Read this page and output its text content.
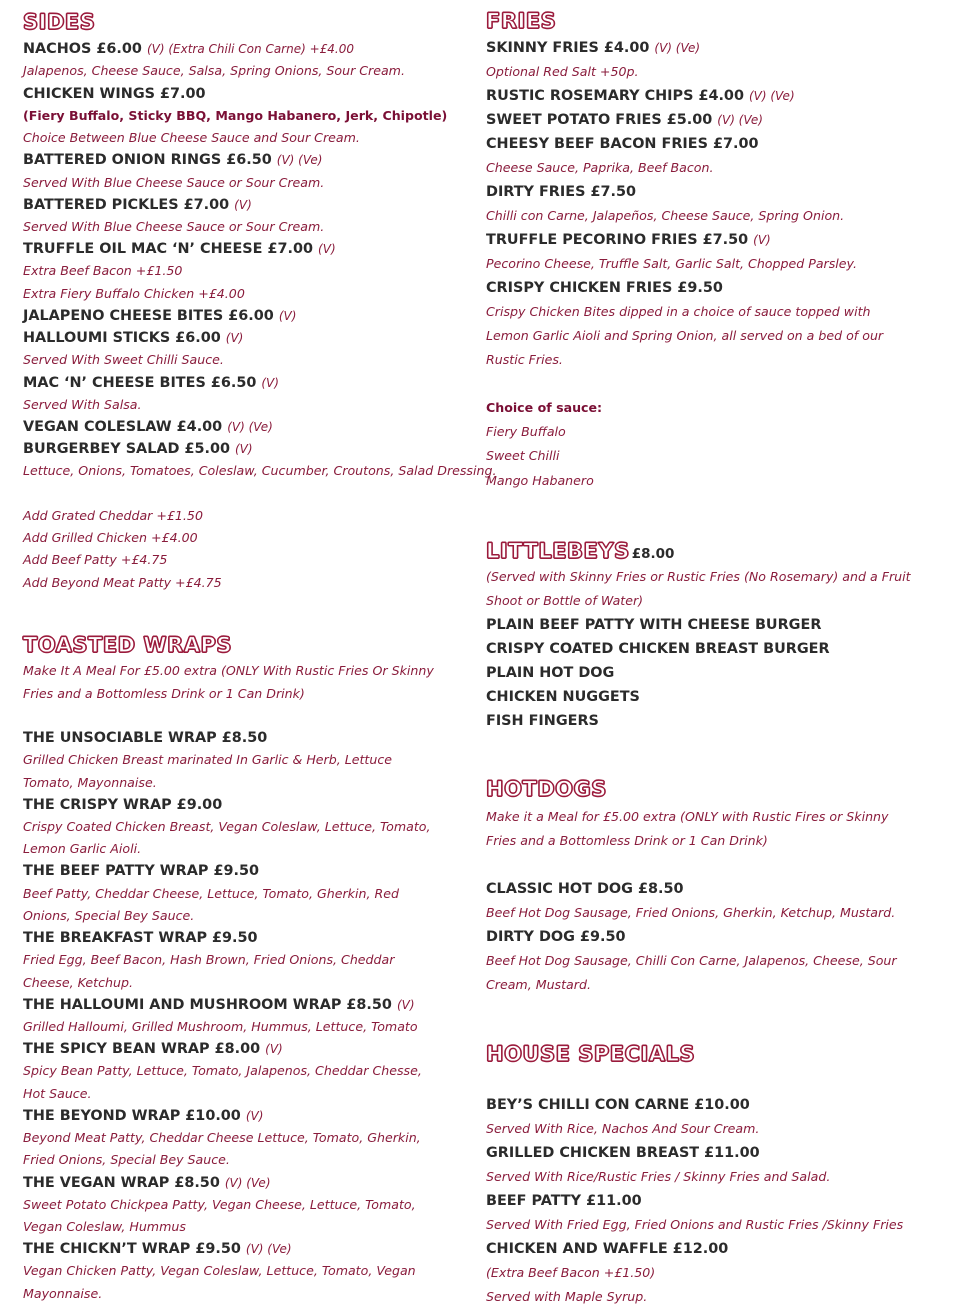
SIDES
NACHOS £6.00 (V) (Extra Chili Con Carne) +£4.00
Jalapenos, Cheese Sauce, Salsa, Spring Onions, Sour Cream.
CHICKEN WINGS £7.00
(Fiery Buffalo, Sticky BBQ, Mango Habanero, Jerk, Chipotle)
Choice Between Blue Cheese Sauce and Sour Cream.
BATTERED ONION RINGS £6.50 (V) (Ve)
Served With Blue Cheese Sauce or Sour Cream.
BATTERED PICKLES £7.00 (V)
Served With Blue Cheese Sauce or Sour Cream.
TRUFFLE OIL MAC ‘N’ CHEESE £7.00 (V)
Extra Beef Bacon +£1.50
Extra Fiery Buffalo Chicken +£4.00
JALAPENO CHEESE BITES £6.00 (V)
HALLOUMI STICKS £6.00 (V)
Served With Sweet Chilli Sauce.
MAC ‘N’ CHEESE BITES £6.50 (V)
Served With Salsa.
VEGAN COLESLAW £4.00 (V) (Ve)
BURGERBEY SALAD £5.00 (V)
Lettuce, Onions, Tomatoes, Coleslaw, Cucumber, Croutons, Salad Dressing.
Add Grated Cheddar +£1.50
Add Grilled Chicken +£4.00
Add Beef Patty +£4.75
Add Beyond Meat Patty +£4.75
TOASTED WRAPS
Make It A Meal For £5.00 extra (ONLY With Rustic Fries Or Skinny
Fries and a Bottomless Drink or 1 Can Drink)
THE UNSOCIABLE WRAP £8.50
Grilled Chicken Breast marinated In Garlic & Herb, Lettuce
Tomato, Mayonnaise.
THE CRISPY WRAP £9.00
Crispy Coated Chicken Breast, Vegan Coleslaw, Lettuce, Tomato,
Lemon Garlic Aioli.
THE BEEF PATTY WRAP £9.50
Beef Patty, Cheddar Cheese, Lettuce, Tomato, Gherkin, Red
Onions, Special Bey Sauce.
THE BREAKFAST WRAP £9.50
Fried Egg, Beef Bacon, Hash Brown, Fried Onions, Cheddar
Cheese, Ketchup.
THE HALLOUMI AND MUSHROOM WRAP £8.50 (V)
Grilled Halloumi, Grilled Mushroom, Hummus, Lettuce, Tomato
THE SPICY BEAN WRAP £8.00 (V)
Spicy Bean Patty, Lettuce, Tomato, Jalapenos, Cheddar Chesse,
Hot Sauce.
THE BEYOND WRAP £10.00 (V)
Beyond Meat Patty, Cheddar Cheese Lettuce, Tomato, Gherkin,
Fried Onions, Special Bey Sauce.
THE VEGAN WRAP £8.50 (V) (Ve)
Sweet Potato Chickpea Patty, Vegan Cheese, Lettuce, Tomato,
Vegan Coleslaw, Hummus
THE CHICKN’T WRAP £9.50 (V) (Ve)
Vegan Chicken Patty, Vegan Coleslaw, Lettuce, Tomato, Vegan
Mayonnaise.
FRIES
SKINNY FRIES £4.00 (V) (Ve)
Optional Red Salt +50p.
RUSTIC ROSEMARY CHIPS £4.00 (V) (Ve)
SWEET POTATO FRIES £5.00 (V) (Ve)
CHEESY BEEF BACON FRIES £7.00
Cheese Sauce, Paprika, Beef Bacon.
DIRTY FRIES £7.50
Chilli con Carne, Jalapeños, Cheese Sauce, Spring Onion.
TRUFFLE PECORINO FRIES £7.50 (V)
Pecorino Cheese, Truffle Salt, Garlic Salt, Chopped Parsley.
CRISPY CHICKEN FRIES £9.50
Crispy Chicken Bites dipped in a choice of sauce topped with
Lemon Garlic Aioli and Spring Onion, all served on a bed of our
Rustic Fries.
Choice of sauce:
Fiery Buffalo
Sweet Chilli
Mango Habanero
LITTLEBEYS £8.00
(Served with Skinny Fries or Rustic Fries (No Rosemary) and a Fruit
Shoot or Bottle of Water)
PLAIN BEEF PATTY WITH CHEESE BURGER
CRISPY COATED CHICKEN BREAST BURGER
PLAIN HOT DOG
CHICKEN NUGGETS
FISH FINGERS
HOTDOGS
Make it a Meal for £5.00 extra (ONLY with Rustic Fires or Skinny
Fries and a Bottomless Drink or 1 Can Drink)
CLASSIC HOT DOG £8.50
Beef Hot Dog Sausage, Fried Onions, Gherkin, Ketchup, Mustard.
DIRTY DOG £9.50
Beef Hot Dog Sausage, Chilli Con Carne, Jalapenos, Cheese, Sour
Cream, Mustard.
HOUSE SPECIALS
BEY’S CHILLI CON CARNE £10.00
Served With Rice, Nachos And Sour Cream.
GRILLED CHICKEN BREAST £11.00
Served With Rice/Rustic Fries / Skinny Fries and Salad.
BEEF PATTY £11.00
Served With Fried Egg, Fried Onions and Rustic Fries /Skinny Fries
CHICKEN AND WAFFLE £12.00
(Extra Beef Bacon +£1.50)
Served with Maple Syrup.
